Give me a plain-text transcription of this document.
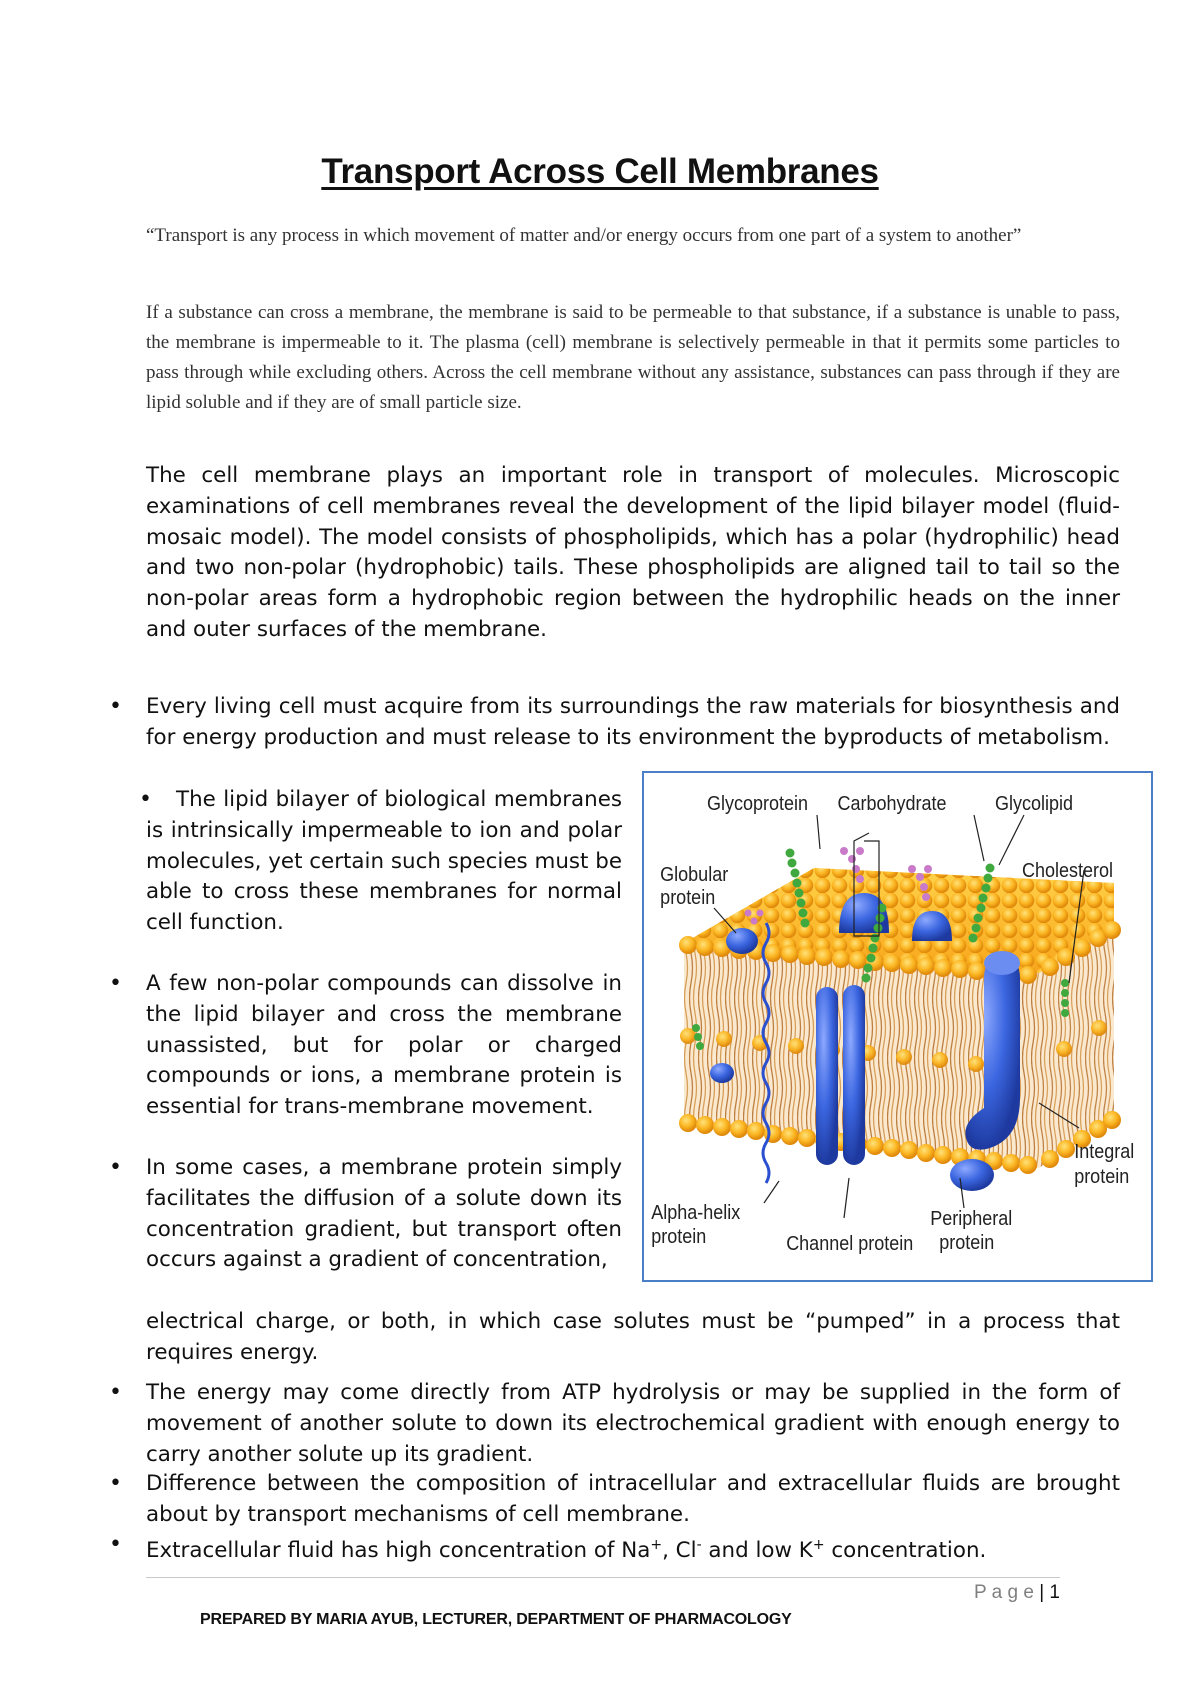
Transport Across Cell Membranes

“Transport is any process in which movement of matter and/or energy occurs from one part of a system to another”

If a substance can cross a membrane, the membrane is said to be permeable to that substance, if a substance is unable to pass, the membrane is impermeable to it. The plasma (cell) membrane is selectively permeable in that it permits some particles to pass through while excluding others. Across the cell membrane without any assistance, substances can pass through if they are lipid soluble and if they are of small particle size.

The cell membrane plays an important role in transport of molecules. Microscopic examinations of cell membranes reveal the development of the lipid bilayer model (fluid-mosaic model). The model consists of phospholipids, which has a polar (hydrophilic) head and two non-polar (hydrophobic) tails. These phospholipids are aligned tail to tail so the non-polar areas form a hydrophobic region between the hydrophilic heads on the inner and outer surfaces of the membrane.

• Every living cell must acquire from its surroundings the raw materials for biosynthesis and for energy production and must release to its environment the byproducts of metabolism.

• The lipid bilayer of biological membranes is intrinsically impermeable to ion and polar molecules, yet certain such species must be able to cross these membranes for normal cell function.

• A few non-polar compounds can dissolve in the lipid bilayer and cross the membrane unassisted, but for polar or charged compounds or ions, a membrane protein is essential for trans-membrane movement.

• In some cases, a membrane protein simply facilitates the diffusion of a solute down its concentration gradient, but transport often occurs against a gradient of concentration,

electrical charge, or both, in which case solutes must be “pumped” in a process that requires energy.

• The energy may come directly from ATP hydrolysis or may be supplied in the form of movement of another solute to down its electrochemical gradient with enough energy to carry another solute up its gradient.

• Difference between the composition of intracellular and extracellular fluids are brought about by transport mechanisms of cell membrane.

• Extracellular fluid has high concentration of Na+, Cl- and low K+ concentration.

Glycoprotein Carbohydrate Glycolipid
Cholesterol
Globular
protein
Integral
protein
Alpha-helix
protein	Channel protein
Peripheral
protein
P a g e | 1
PREPARED BY MARIA AYUB, LECTURER, DEPARTMENT OF PHARMACOLOGY
